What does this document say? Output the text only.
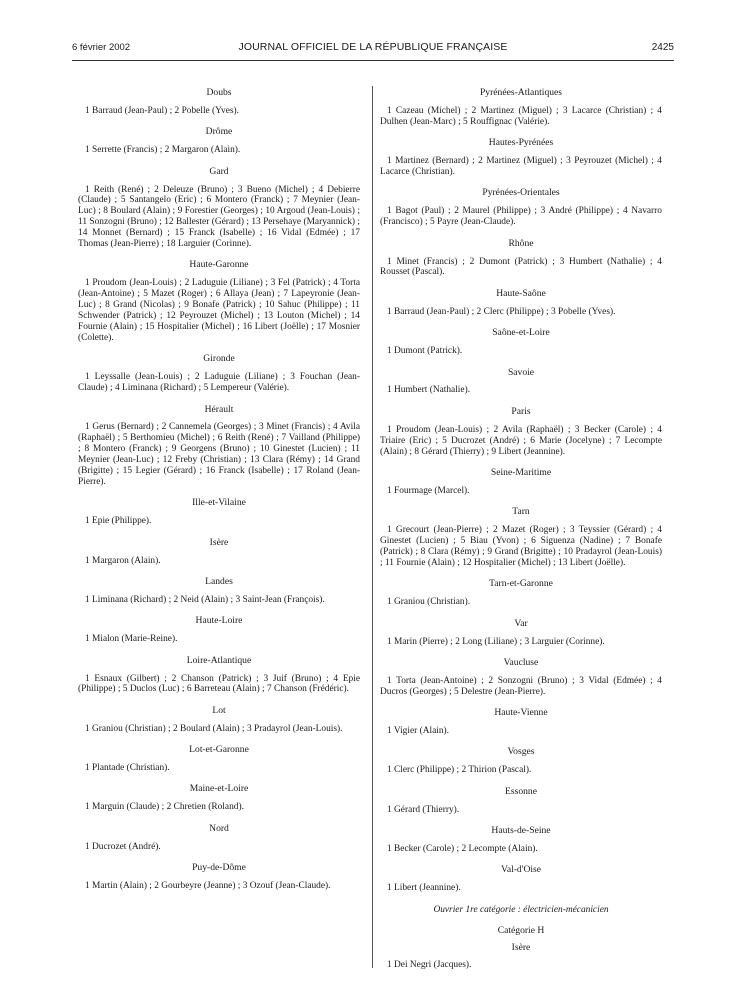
6 février 2002	JOURNAL OFFICIEL DE LA RÉPUBLIQUE FRANÇAISE	2425
Doubs

1 Barraud (Jean-Paul) ; 2 Pobelle (Yves).

Drôme

1 Serrette (Francis) ; 2 Margaron (Alain).

Gard

1 Reith (René) ; 2 Deleuze (Bruno) ; 3 Bueno (Michel) ; 4 Debierre (Claude) ; 5 Santangelo (Eric) ; 6 Montero (Franck) ; 7 Meynier (Jean-Luc) ; 8 Boulard (Alain) ; 9 Forestier (Georges) ; 10 Argoud (Jean-Louis) ; 11 Sonzogni (Bruno) ; 12 Ballester (Gérard) ; 13 Persehaye (Maryannick) ; 14 Monnet (Bernard) ; 15 Franck (Isabelle) ; 16 Vidal (Edmée) ; 17 Thomas (Jean-Pierre) ; 18 Larguier (Corinne).

Haute-Garonne

1 Proudom (Jean-Louis) ; 2 Laduguie (Liliane) ; 3 Fel (Patrick) ; 4 Torta (Jean-Antoine) ; 5 Mazet (Roger) ; 6 Allaya (Jean) ; 7 Lapeyronie (Jean-Luc) ; 8 Grand (Nicolas) ; 9 Bonafe (Patrick) ; 10 Sahuc (Philippe) ; 11 Schwender (Patrick) ; 12 Peyrouzet (Michel) ; 13 Louton (Michel) ; 14 Fournie (Alain) ; 15 Hospitalier (Michel) ; 16 Libert (Joëlle) ; 17 Mosnier (Colette).

Gironde

1 Leyssalle (Jean-Louis) ; 2 Laduguie (Liliane) ; 3 Fouchan (Jean-Claude) ; 4 Liminana (Richard) ; 5 Lempereur (Valérie).

Hérault

1 Gerus (Bernard) ; 2 Cannemela (Georges) ; 3 Minet (Francis) ; 4 Avila (Raphaël) ; 5 Berthomieu (Michel) ; 6 Reith (René) ; 7 Vailland (Philippe) ; 8 Montero (Franck) ; 9 Georgens (Bruno) ; 10 Ginestet (Lucien) ; 11 Meynier (Jean-Luc) ; 12 Freby (Christian) ; 13 Clara (Rémy) ; 14 Grand (Brigitte) ; 15 Legier (Gérard) ; 16 Franck (Isabelle) ; 17 Roland (Jean-Pierre).

Ille-et-Vilaine

1 Epie (Philippe).

Isère

1 Margaron (Alain).

Landes

1 Liminana (Richard) ; 2 Neid (Alain) ; 3 Saint-Jean (François).

Haute-Loire

1 Mialon (Marie-Reine).

Loire-Atlantique

1 Esnaux (Gilbert) ; 2 Chanson (Patrick) ; 3 Juif (Bruno) ; 4 Epie (Philippe) ; 5 Duclos (Luc) ; 6 Barreteau (Alain) ; 7 Chanson (Frédéric).

Lot

1 Graniou (Christian) ; 2 Boulard (Alain) ; 3 Pradayrol (Jean-Louis).

Lot-et-Garonne

1 Plantade (Christian).

Maine-et-Loire

1 Marguin (Claude) ; 2 Chretien (Roland).

Nord

1 Ducrozet (André).

Puy-de-Dôme

1 Martin (Alain) ; 2 Gourbeyre (Jeanne) ; 3 Ozouf (Jean-Claude).

Pyrénées-Atlantiques

1 Cazeau (Michel) ; 2 Martinez (Miguel) ; 3 Lacarce (Christian) ; 4 Dulhen (Jean-Marc) ; 5 Rouffignac (Valérie).

Hautes-Pyrénées

1 Martinez (Bernard) ; 2 Martinez (Miguel) ; 3 Peyrouzet (Michel) ; 4 Lacarce (Christian).

Pyrénées-Orientales

1 Bagot (Paul) ; 2 Maurel (Philippe) ; 3 André (Philippe) ; 4 Navarro (Francisco) ; 5 Payre (Jean-Claude).

Rhône

1 Minet (Francis) ; 2 Dumont (Patrick) ; 3 Humbert (Nathalie) ; 4 Rousset (Pascal).

Haute-Saône

1 Barraud (Jean-Paul) ; 2 Clerc (Philippe) ; 3 Pobelle (Yves).

Saône-et-Loire

1 Dumont (Patrick).

Savoie

1 Humbert (Nathalie).

Paris

1 Proudom (Jean-Louis) ; 2 Avila (Raphaël) ; 3 Becker (Carole) ; 4 Triaire (Eric) ; 5 Ducrozet (André) ; 6 Marie (Jocelyne) ; 7 Lecompte (Alain) ; 8 Gérard (Thierry) ; 9 Libert (Jeannine).

Seine-Maritime

1 Fourmage (Marcel).

Tarn

1 Grecourt (Jean-Pierre) ; 2 Mazet (Roger) ; 3 Teyssier (Gérard) ; 4 Ginestet (Lucien) ; 5 Biau (Yvon) ; 6 Siguenza (Nadine) ; 7 Bonafe (Patrick) ; 8 Clara (Rémy) ; 9 Grand (Brigitte) ; 10 Pradayrol (Jean-Louis) ; 11 Fournie (Alain) ; 12 Hospitalier (Michel) ; 13 Libert (Joëlle).

Tarn-et-Garonne

1 Graniou (Christian).

Var

1 Marin (Pierre) ; 2 Long (Liliane) ; 3 Larguier (Corinne).

Vaucluse

1 Torta (Jean-Antoine) ; 2 Sonzogni (Bruno) ; 3 Vidal (Edmée) ; 4 Ducros (Georges) ; 5 Delestre (Jean-Pierre).

Haute-Vienne

1 Vigier (Alain).

Vosges

1 Clerc (Philippe) ; 2 Thirion (Pascal).

Essonne

1 Gérard (Thierry).

Hauts-de-Seine

1 Becker (Carole) ; 2 Lecompte (Alain).

Val-d'Oise

1 Libert (Jeannine).

Ouvrier 1re catégorie : électricien-mécanicien
Catégorie H
Isère

1 Dei Negri (Jacques).
